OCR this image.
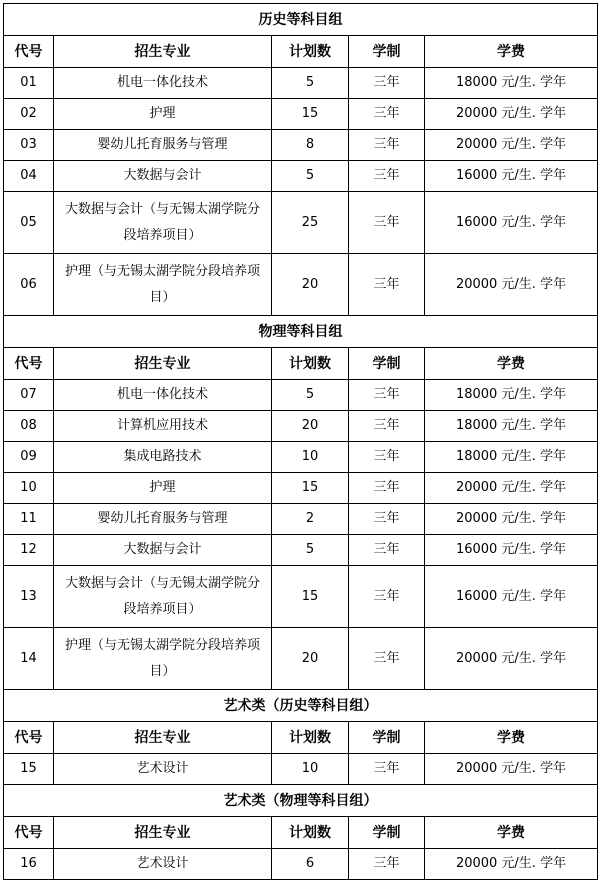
历史等科目组				
代号	招生专业	计划数	学制	学费
01	机电一体化技术	5	三年	18000 元/生. 学年
02	护理	15	三年	20000 元/生. 学年
03	婴幼儿托育服务与管理	8	三年	20000 元/生. 学年
04	大数据与会计	5	三年	16000 元/生. 学年
05	大数据与会计（与无锡太湖学院分段培养项目）	25	三年	16000 元/生. 学年
06	护理（与无锡太湖学院分段培养项目）	20	三年	20000 元/生. 学年
物理等科目组				
代号	招生专业	计划数	学制	学费
07	机电一体化技术	5	三年	18000 元/生. 学年
08	计算机应用技术	20	三年	18000 元/生. 学年
09	集成电路技术	10	三年	18000 元/生. 学年
10	护理	15	三年	20000 元/生. 学年
11	婴幼儿托育服务与管理	2	三年	20000 元/生. 学年
12	大数据与会计	5	三年	16000 元/生. 学年
13	大数据与会计（与无锡太湖学院分段培养项目）	15	三年	16000 元/生. 学年
14	护理（与无锡太湖学院分段培养项目）	20	三年	20000 元/生. 学年
艺术类（历史等科目组）				
代号	招生专业	计划数	学制	学费
15	艺术设计	10	三年	20000 元/生. 学年
艺术类（物理等科目组）				
代号	招生专业	计划数	学制	学费
16	艺术设计	6	三年	20000 元/生. 学年
